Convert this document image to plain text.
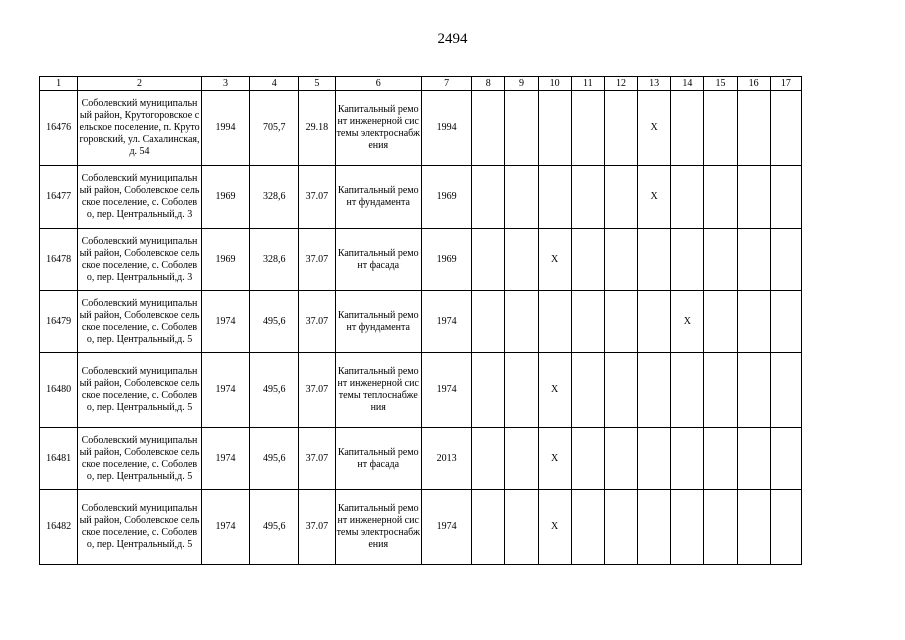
2494
1	2	3	4	5	6	7	8	9	10	11	12	13	14	15	16	17
16476	Соболевский муниципальный район, Крутогоровское сельское поселение, п. Крутогоровский, ул. Сахалинская,д. 54	1994	705,7	29.18	Капитальный ремонт инженерной системы электроснабжения	1994						X				
16477	Соболевский муниципальный район, Соболевское сельское поселение, с. Соболево, пер. Центральный,д. 3	1969	328,6	37.07	Капитальный ремонт фундамента	1969						X				
16478	Соболевский муниципальный район, Соболевское сельское поселение, с. Соболево, пер. Центральный,д. 3	1969	328,6	37.07	Капитальный ремонт фасада	1969			X							
16479	Соболевский муниципальный район, Соболевское сельское поселение, с. Соболево, пер. Центральный,д. 5	1974	495,6	37.07	Капитальный ремонт фундамента	1974							X			
16480	Соболевский муниципальный район, Соболевское сельское поселение, с. Соболево, пер. Центральный,д. 5	1974	495,6	37.07	Капитальный ремонт инженерной системы теплоснабжения	1974			X							
16481	Соболевский муниципальный район, Соболевское сельское поселение, с. Соболево, пер. Центральный,д. 5	1974	495,6	37.07	Капитальный ремонт фасада	2013			X							
16482	Соболевский муниципальный район, Соболевское сельское поселение, с. Соболево, пер. Центральный,д. 5	1974	495,6	37.07	Капитальный ремонт инженерной системы электроснабжения	1974			X							
